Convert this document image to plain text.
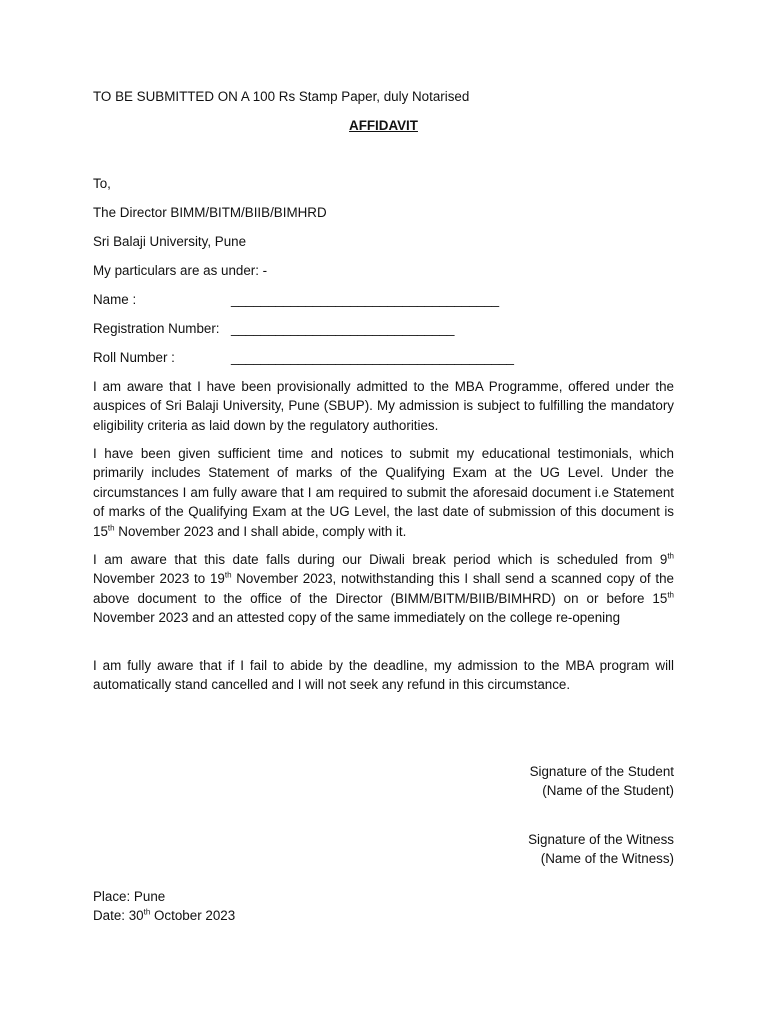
TO BE SUBMITTED ON A 100 Rs Stamp Paper, duly Notarised
AFFIDAVIT
To,
The Director BIMM/BITM/BIIB/BIMHRD
Sri Balaji University, Pune
My particulars are as under: -
Name :	____________________________________
Registration Number: ______________________________
Roll Number :	______________________________________
I am aware that I have been provisionally admitted to the MBA Programme, offered under the auspices of Sri Balaji University, Pune (SBUP). My admission is subject to fulfilling the mandatory eligibility criteria as laid down by the regulatory authorities.
I have been given sufficient time and notices to submit my educational testimonials, which primarily includes Statement of marks of the Qualifying Exam at the UG Level. Under the circumstances I am fully aware that I am required to submit the aforesaid document i.e Statement of marks of the Qualifying Exam at the UG Level, the last date of submission of this document is 15th November 2023 and I shall abide, comply with it.
I am aware that this date falls during our Diwali break period which is scheduled from 9th November 2023 to 19th November 2023, notwithstanding this I shall send a scanned copy of the above document to the office of the Director (BIMM/BITM/BIIB/BIMHRD) on or before 15th November 2023 and an attested copy of the same immediately on the college re-opening
I am fully aware that if I fail to abide by the deadline, my admission to the MBA program will automatically stand cancelled and I will not seek any refund in this circumstance.
Signature of the Student
(Name of the Student)
Signature of the Witness
(Name of the Witness)
Place: Pune
Date: 30th October 2023
